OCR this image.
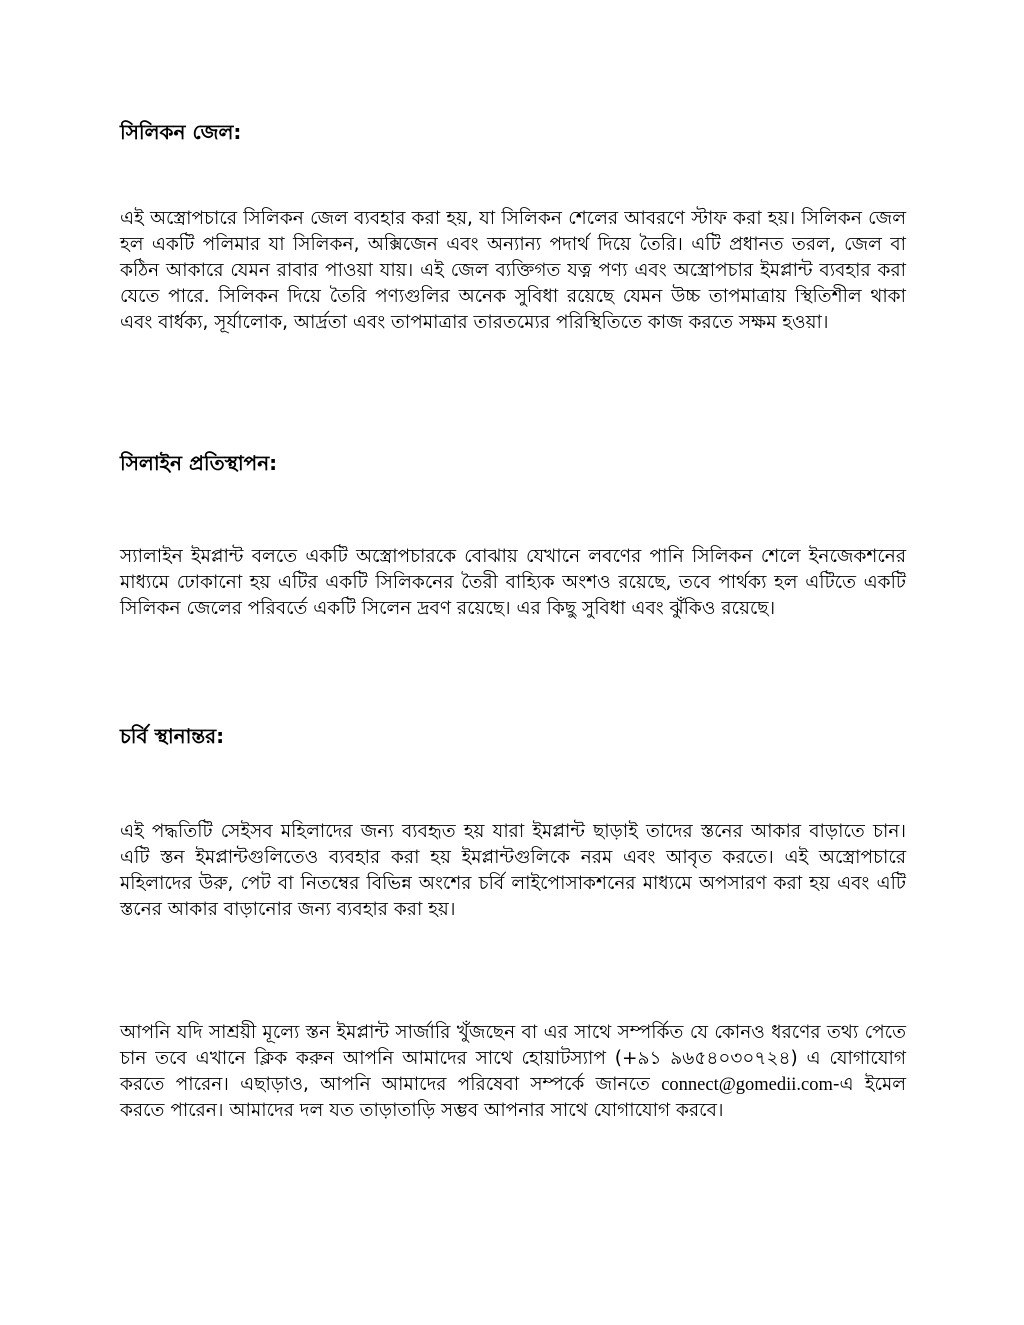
সিলিকন জেল:

এই অস্ত্রোপচারে সিলিকন জেল ব্যবহার করা হয়, যা সিলিকন শেলের আবরণে স্টাফ করা হয়। সিলিকন জেল হল একটি পলিমার যা সিলিকন, অক্সিজেন এবং অন্যান্য পদার্থ দিয়ে তৈরি। এটি প্রধানত তরল, জেল বা কঠিন আকারে যেমন রাবার পাওয়া যায়। এই জেল ব্যক্তিগত যত্ন পণ্য এবং অস্ত্রোপচার ইমপ্লান্ট ব্যবহার করা যেতে পারে. সিলিকন দিয়ে তৈরি পণ্যগুলির অনেক সুবিধা রয়েছে যেমন উচ্চ তাপমাত্রায় স্থিতিশীল থাকা এবং বার্ধক্য, সূর্যালোক, আর্দ্রতা এবং তাপমাত্রার তারতম্যের পরিস্থিতিতে কাজ করতে সক্ষম হওয়া।

সিলাইন প্রতিস্থাপন:

স্যালাইন ইমপ্লান্ট বলতে একটি অস্ত্রোপচারকে বোঝায় যেখানে লবণের পানি সিলিকন শেলে ইনজেকশনের মাধ্যমে ঢোকানো হয় এটির একটি সিলিকনের তৈরী বাহ্যিক অংশও রয়েছে, তবে পার্থক্য হল এটিতে একটি সিলিকন জেলের পরিবর্তে একটি সিলেন দ্রবণ রয়েছে। এর কিছু সুবিধা এবং ঝুঁকিও রয়েছে।

চর্বি স্থানান্তর:

এই পদ্ধতিটি সেইসব মহিলাদের জন্য ব্যবহৃত হয় যারা ইমপ্লান্ট ছাড়াই তাদের স্তনের আকার বাড়াতে চান। এটি স্তন ইমপ্লান্টগুলিতেও ব্যবহার করা হয় ইমপ্লান্টগুলিকে নরম এবং আবৃত করতে। এই অস্ত্রোপচারে মহিলাদের উরু, পেট বা নিতম্বের বিভিন্ন অংশের চর্বি লাইপোসাকশনের মাধ্যমে অপসারণ করা হয় এবং এটি স্তনের আকার বাড়ানোর জন্য ব্যবহার করা হয়।

আপনি যদি সাশ্রয়ী মূল্যে স্তন ইমপ্লান্ট সার্জারি খুঁজছেন বা এর সাথে সম্পর্কিত যে কোনও ধরণের তথ্য পেতে চান তবে এখানে ক্লিক করুন আপনি আমাদের সাথে হোয়াটস্যাপ (+৯১ ৯৬৫৪০৩০৭২৪) এ যোগাযোগ করতে পারেন। এছাড়াও, আপনি আমাদের পরিষেবা সম্পর্কে জানতে connect@gomedii.com-এ ইমেল করতে পারেন। আমাদের দল যত তাড়াতাড়ি সম্ভব আপনার সাথে যোগাযোগ করবে।
